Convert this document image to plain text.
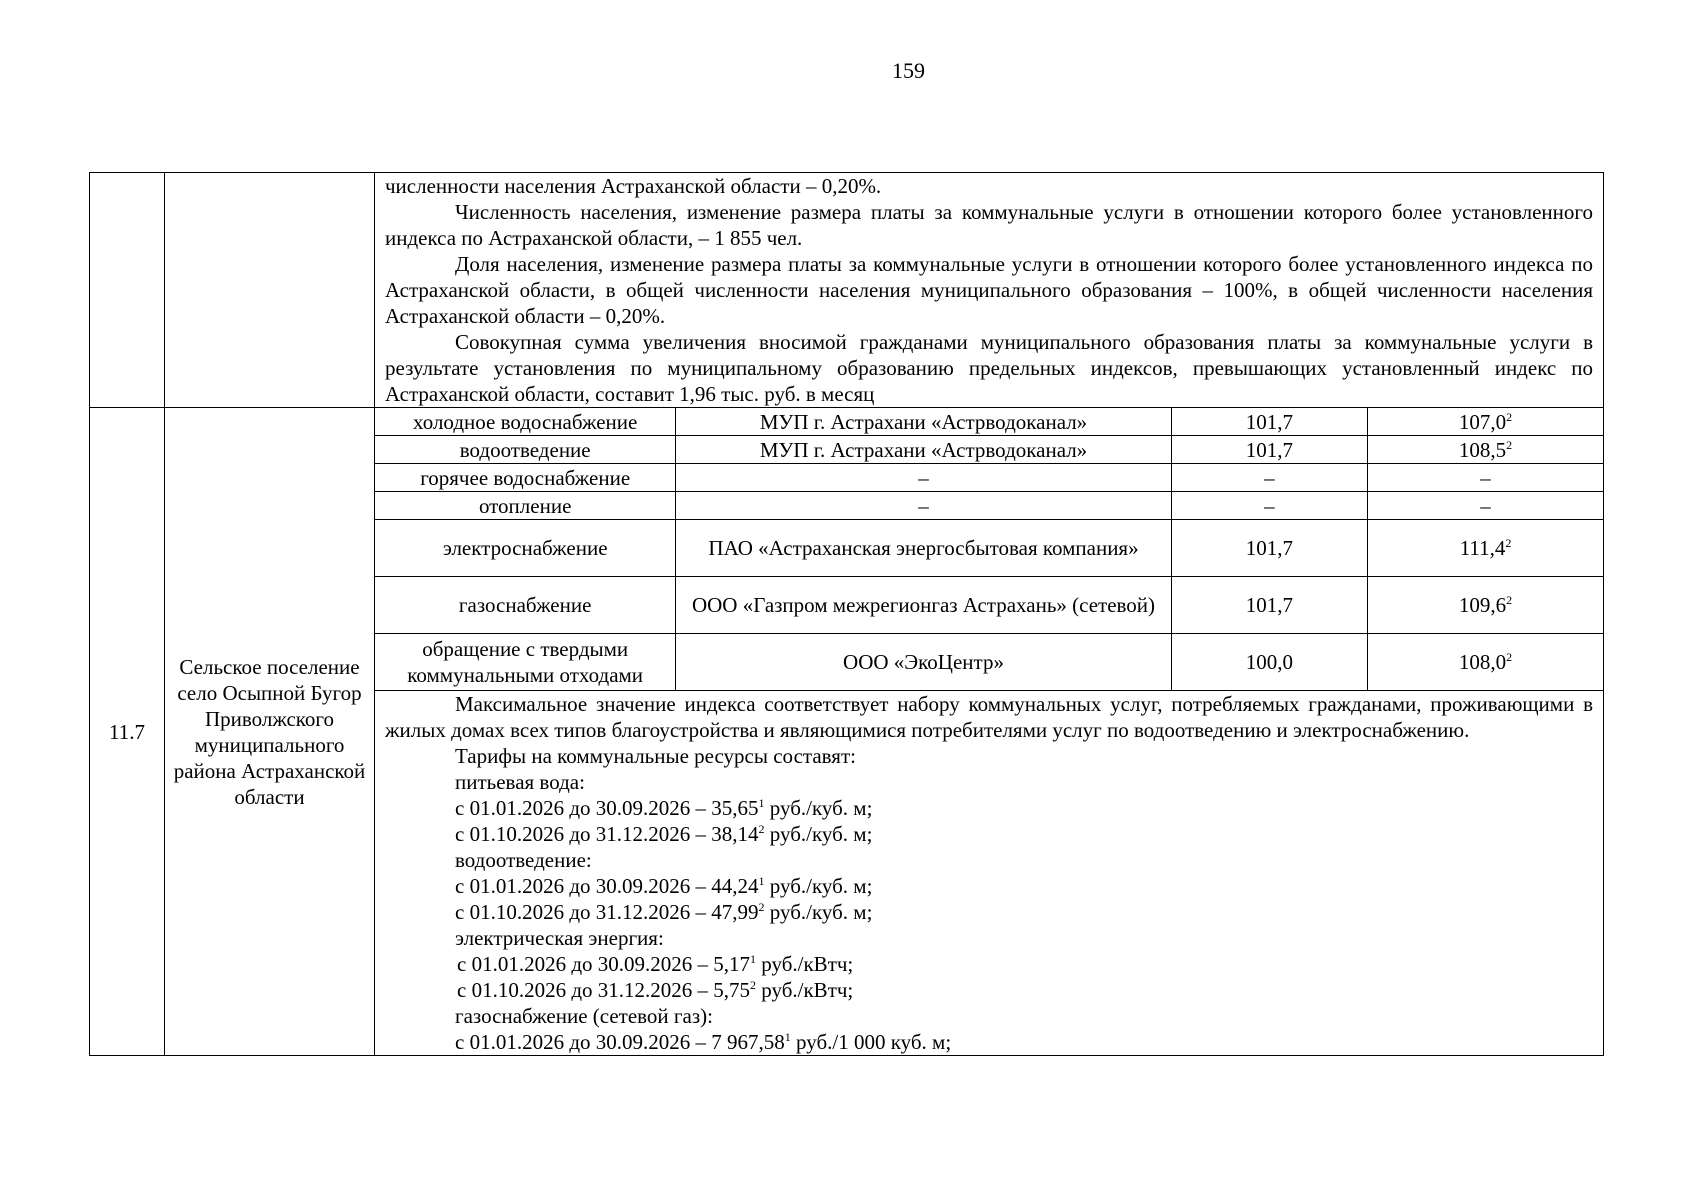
159

численности населения Астраханской области – 0,20%.

Численность населения, изменение размера платы за коммунальные услуги в отношении которого более установленного индекса по Астраханской области, – 1 855 чел.

Доля населения, изменение размера платы за коммунальные услуги в отношении которого более установленного индекса по Астраханской области, в общей численности населения муниципального образования – 100%, в общей численности населения Астраханской области – 0,20%.

Совокупная сумма увеличения вносимой гражданами муниципального образования платы за коммунальные услуги в результате установления по муниципальному образованию предельных индексов, превышающих установленный индекс по Астраханской области, составит 1,96 тыс. руб. в месяц

11.7	Сельское поселение село Осыпной Бугор Приволжского муниципального района Астраханской области	
холодное водоснабжение	МУП г. Астрахани «Астрводоканал»	101,7	107,0$^2$
водоотведение	МУП г. Астрахани «Астрводоканал»	101,7	108,5$^2$
горячее водоснабжение	–	–	–
отопление	–	–	–
электроснабжение	ПАО «Астраханская энергосбытовая компания»	101,7	111,4$^2$
газоснабжение	ООО «Газпром межрегионгаз Астрахань» (сетевой)	101,7	109,6$^2$
обращение с твердыми коммунальными отходами	ООО «ЭкоЦентр»	100,0	108,0$^2$

Максимальное значение индекса соответствует набору коммунальных услуг, потребляемых гражданами, проживающими в жилых домах всех типов благоустройства и являющимися потребителями услуг по водоотведению и электроснабжению.

Тарифы на коммунальные ресурсы составят:
питьевая вода:
с 01.01.2026 до 30.09.2026 – 35,65$^1$ руб./куб. м;
с 01.10.2026 до 31.12.2026 – 38,14$^2$ руб./куб. м;
водоотведение:
с 01.01.2026 до 30.09.2026 – 44,24$^1$ руб./куб. м;
с 01.10.2026 до 31.12.2026 – 47,99$^2$ руб./куб. м;
электрическая энергия:
с 01.01.2026 до 30.09.2026 – 5,17$^1$ руб./кВтч;
с 01.10.2026 до 31.12.2026 – 5,75$^2$ руб./кВтч;
газоснабжение (сетевой газ):
с 01.01.2026 до 30.09.2026 – 7 967,58$^1$ руб./1 000 куб. м;
